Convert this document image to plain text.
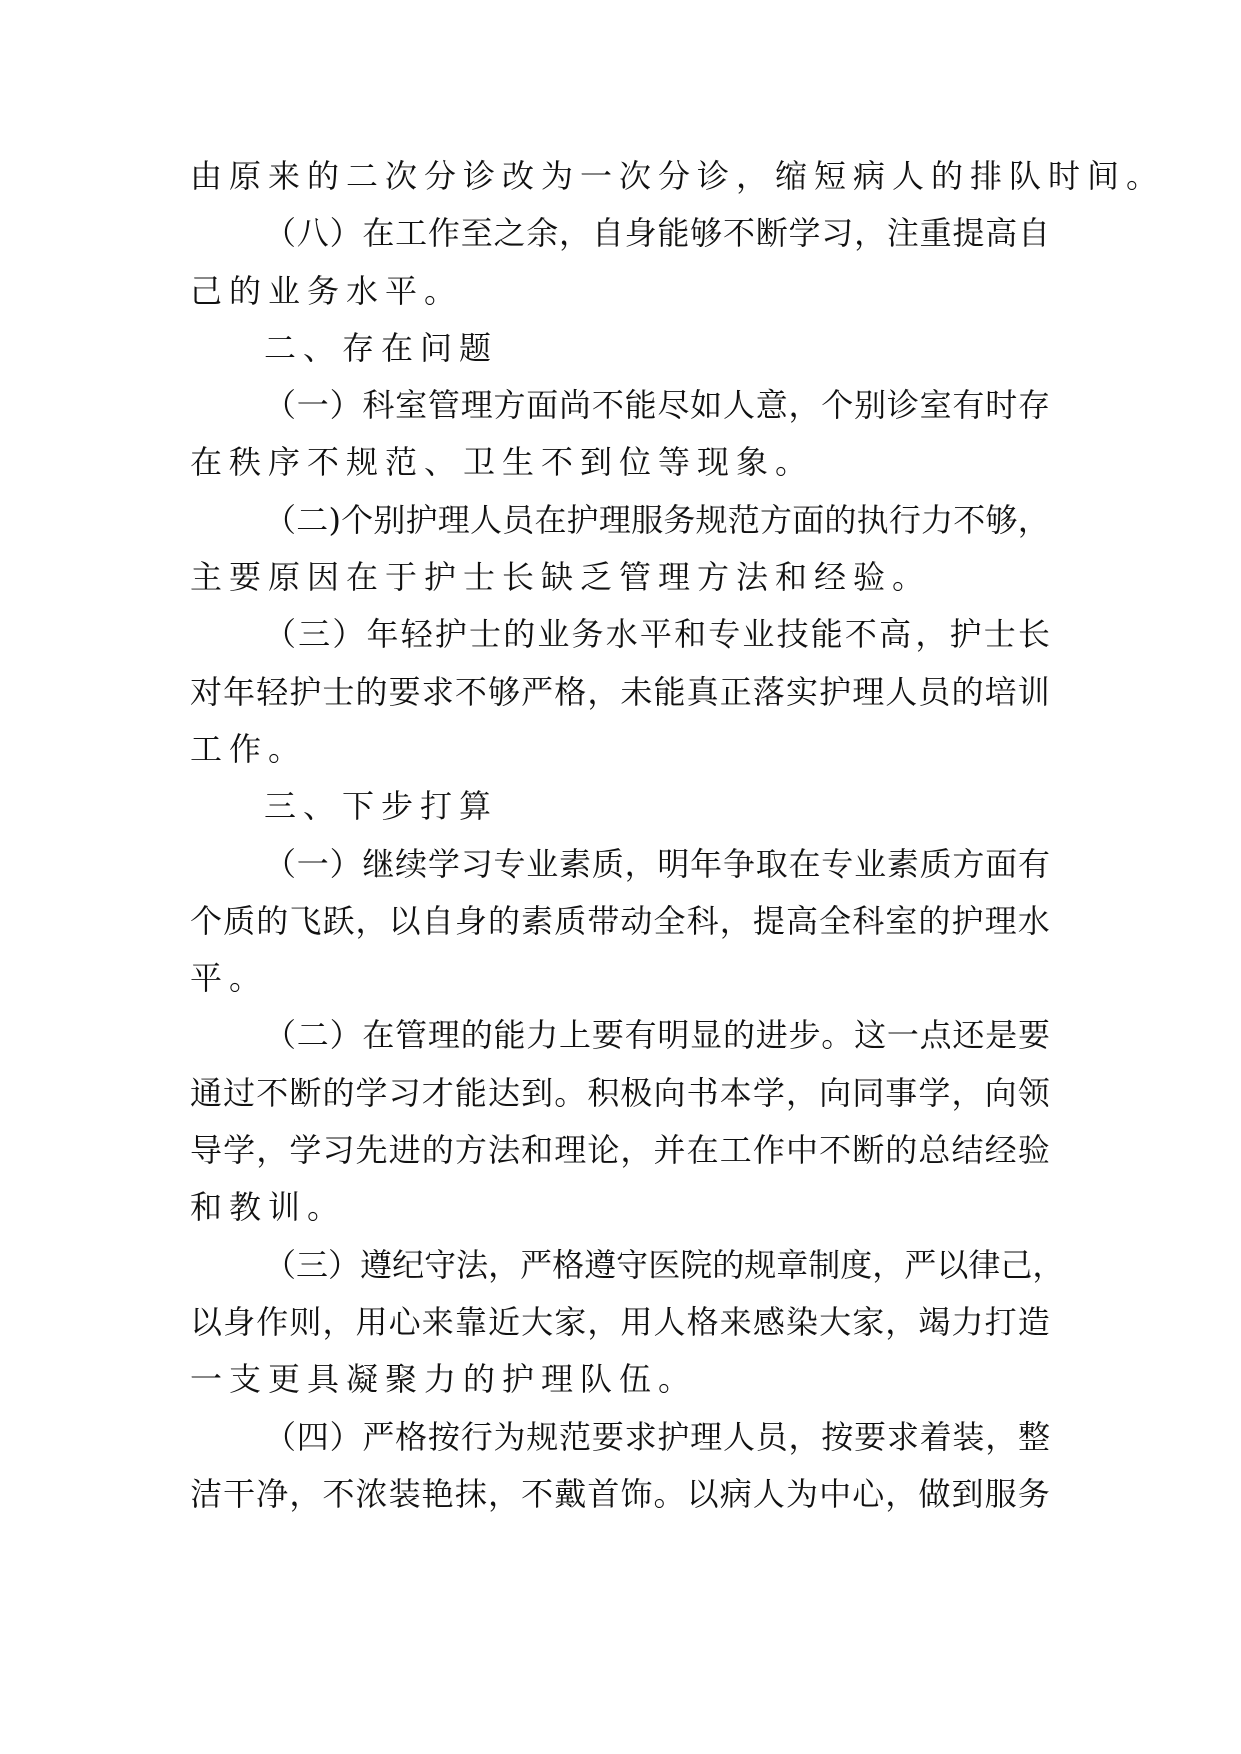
由原来的二次分诊改为一次分诊，缩短病人的排队时间。
（ 八 ） 在 工 作 至 之 余 ， 自 身 能 够 不 断 学 习 ， 注 重 提 高 自
己的业务水平。
二、存在问题
（ 一 ） 科 室 管 理 方 面 尚 不 能 尽 如 人 意 ， 个 别 诊 室 有 时 存
在秩序不规范、卫生不到位等现象。
（ 二 ) 个 别 护 理 人 员 在 护 理 服 务 规 范 方 面 的 执 行 力 不 够 ，
主要原因在于护士长缺乏管理方法和经验。
（ 三 ） 年 轻 护 士 的 业 务 水 平 和 专 业 技 能 不 高 ， 护 士 长
对 年 轻 护 士 的 要 求 不 够 严 格 ， 未 能 真 正 落 实 护 理 人 员 的 培 训
工作。
三、下步打算
（ 一 ） 继 续 学 习 专 业 素 质 ， 明 年 争 取 在 专 业 素 质 方 面 有
个 质 的 飞 跃 ， 以 自 身 的 素 质 带 动 全 科 ， 提 高 全 科 室 的 护 理 水
平。
（ 二 ） 在 管 理 的 能 力 上 要 有 明 显 的 进 步 。 这 一 点 还 是 要
通 过 不 断 的 学 习 才 能 达 到 。 积 极 向 书 本 学 ， 向 同 事 学 ， 向 领
导 学 ， 学 习 先 进 的 方 法 和 理 论 ， 并 在 工 作 中 不 断 的 总 结 经 验
和教训。
（ 三 ） 遵 纪 守 法 ， 严 格 遵 守 医 院 的 规 章 制 度 ， 严 以 律 己 ，
以 身 作 则 ， 用 心 来 靠 近 大 家 ， 用 人 格 来 感 染 大 家 ， 竭 力 打 造
一支更具凝聚力的护理队伍。
（ 四 ） 严 格 按 行 为 规 范 要 求 护 理 人 员 ， 按 要 求 着 装 ， 整
洁 干 净 ， 不 浓 装 艳 抹 ， 不 戴 首 饰 。 以 病 人 为 中 心 ， 做 到 服 务
